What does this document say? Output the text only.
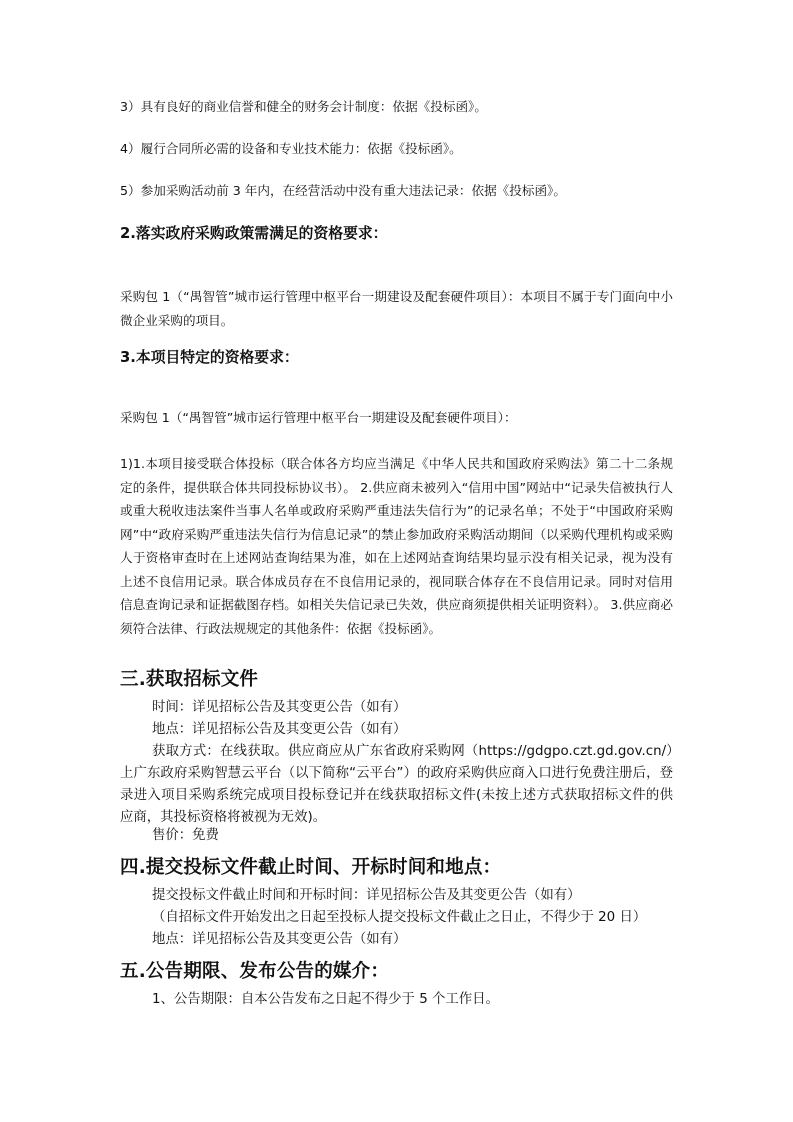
3）具有良好的商业信誉和健全的财务会计制度：依据《投标函》。
4）履行合同所必需的设备和专业技术能力：依据《投标函》。
5）参加采购活动前 3 年内，在经营活动中没有重大违法记录：依据《投标函》。
2.落实政府采购政策需满足的资格要求：
采购包 1（“禺智管”城市运行管理中枢平台一期建设及配套硬件项目）：本项目不属于专门面向中小微企业采购的项目。
3.本项目特定的资格要求：
采购包 1（“禺智管”城市运行管理中枢平台一期建设及配套硬件项目）：
1)1.本项目接受联合体投标（联合体各方均应当满足《中华人民共和国政府采购法》第二十二条规定的条件，提供联合体共同投标协议书）。 2.供应商未被列入“信用中国”网站中“记录失信被执行人或重大税收违法案件当事人名单或政府采购严重违法失信行为”的记录名单；不处于“中国政府采购网”中“政府采购严重违法失信行为信息记录”的禁止参加政府采购活动期间（以采购代理机构或采购人于资格审查时在上述网站查询结果为准，如在上述网站查询结果均显示没有相关记录，视为没有上述不良信用记录。联合体成员存在不良信用记录的，视同联合体存在不良信用记录。同时对信用信息查询记录和证据截图存档。如相关失信记录已失效，供应商须提供相关证明资料）。 3.供应商必须符合法律、行政法规规定的其他条件：依据《投标函》。
三.获取招标文件
时间：详见招标公告及其变更公告（如有）
地点：详见招标公告及其变更公告（如有）
获取方式：在线获取。供应商应从广东省政府采购网（https://gdgpo.czt.gd.gov.cn/）上广东政府采购智慧云平台（以下简称“云平台”）的政府采购供应商入口进行免费注册后，登录进入项目采购系统完成项目投标登记并在线获取招标文件(未按上述方式获取招标文件的供应商，其投标资格将被视为无效)。
售价：免费
四.提交投标文件截止时间、开标时间和地点：
提交投标文件截止时间和开标时间：详见招标公告及其变更公告（如有）
（自招标文件开始发出之日起至投标人提交投标文件截止之日止，不得少于 20 日）
地点：详见招标公告及其变更公告（如有）
五.公告期限、发布公告的媒介：
1、公告期限：自本公告发布之日起不得少于 5 个工作日。
